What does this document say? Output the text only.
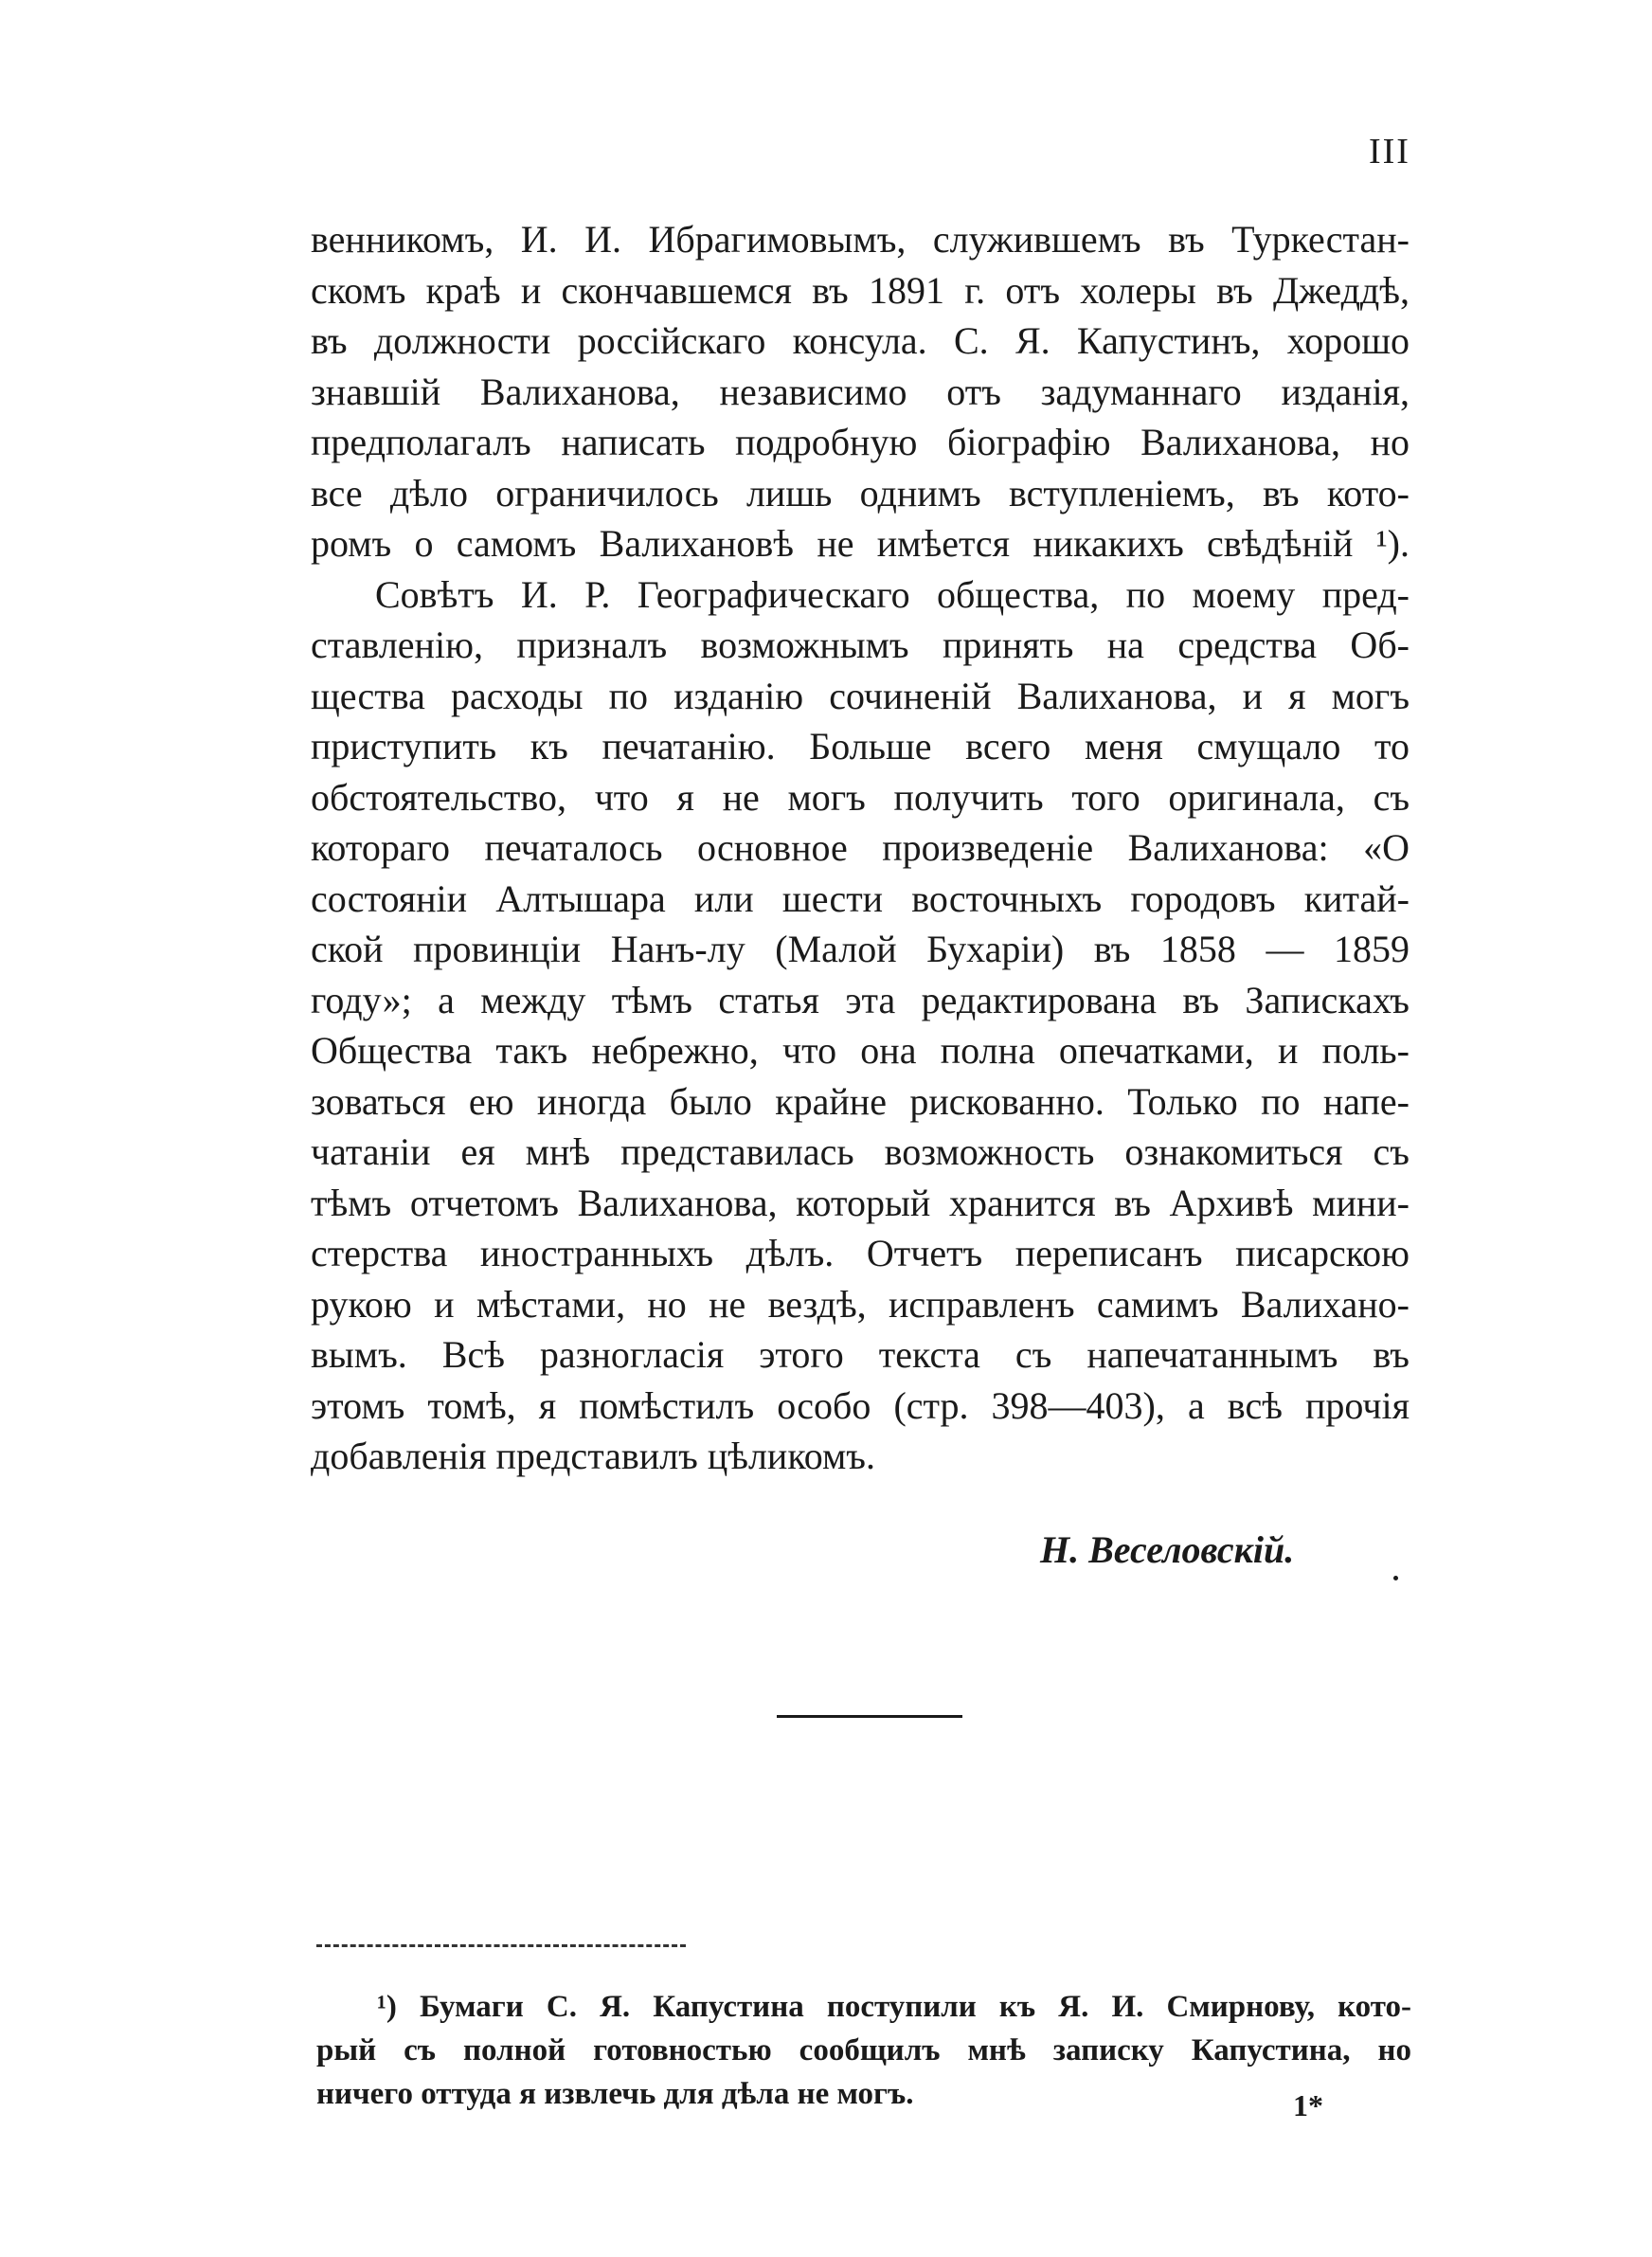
III
венникомъ, И. И. Ибрагимовымъ, служившемъ въ Туркестан-
скомъ краѣ и скончавшемся въ 1891 г. отъ холеры въ Джеддѣ,
въ должности россійскаго консула. С. Я. Капустинъ, хорошо
знавшій Валиханова, независимо отъ задуманнаго изданія,
предполагалъ написать подробную біографію Валиханова, но
все дѣло ограничилось лишь однимъ вступленіемъ, въ кото-
ромъ о самомъ Валихановѣ не имѣется никакихъ свѣдѣній ¹).
Совѣтъ И. Р. Географическаго общества, по моему пред-
ставленію, призналъ возможнымъ принять на средства Об-
щества расходы по изданію сочиненій Валиханова, и я могъ
приступить къ печатанію. Больше всего меня смущало то
обстоятельство, что я не могъ получить того оригинала, съ
котораго печаталось основное произведеніе Валиханова: «О
состояніи Алтышара или шести восточныхъ городовъ китай-
ской провинціи Нанъ-лу (Малой Бухаріи) въ 1858 — 1859
году»; а между тѣмъ статья эта редактирована въ Запискахъ
Общества такъ небрежно, что она полна опечатками, и поль-
зоваться ею иногда было крайне рискованно. Только по напе-
чатаніи ея мнѣ представилась возможность ознакомиться съ
тѣмъ отчетомъ Валиханова, который хранится въ Архивѣ мини-
стерства иностранныхъ дѣлъ. Отчетъ переписанъ писарскою
рукою и мѣстами, но не вездѣ, исправленъ самимъ Валихано-
вымъ. Всѣ разногласія этого текста съ напечатаннымъ въ
этомъ томѣ, я помѣстилъ особо (стр. 398—403), а всѣ прочія
добавленія представилъ цѣликомъ.
Н. Веселовскій.
¹) Бумаги С. Я. Капустина поступили къ Я. И. Смирнову, кото-
рый съ полной готовностью сообщилъ мнѣ записку Капустина, но
ничего оттуда я извлечь для дѣла не могъ.	1*
